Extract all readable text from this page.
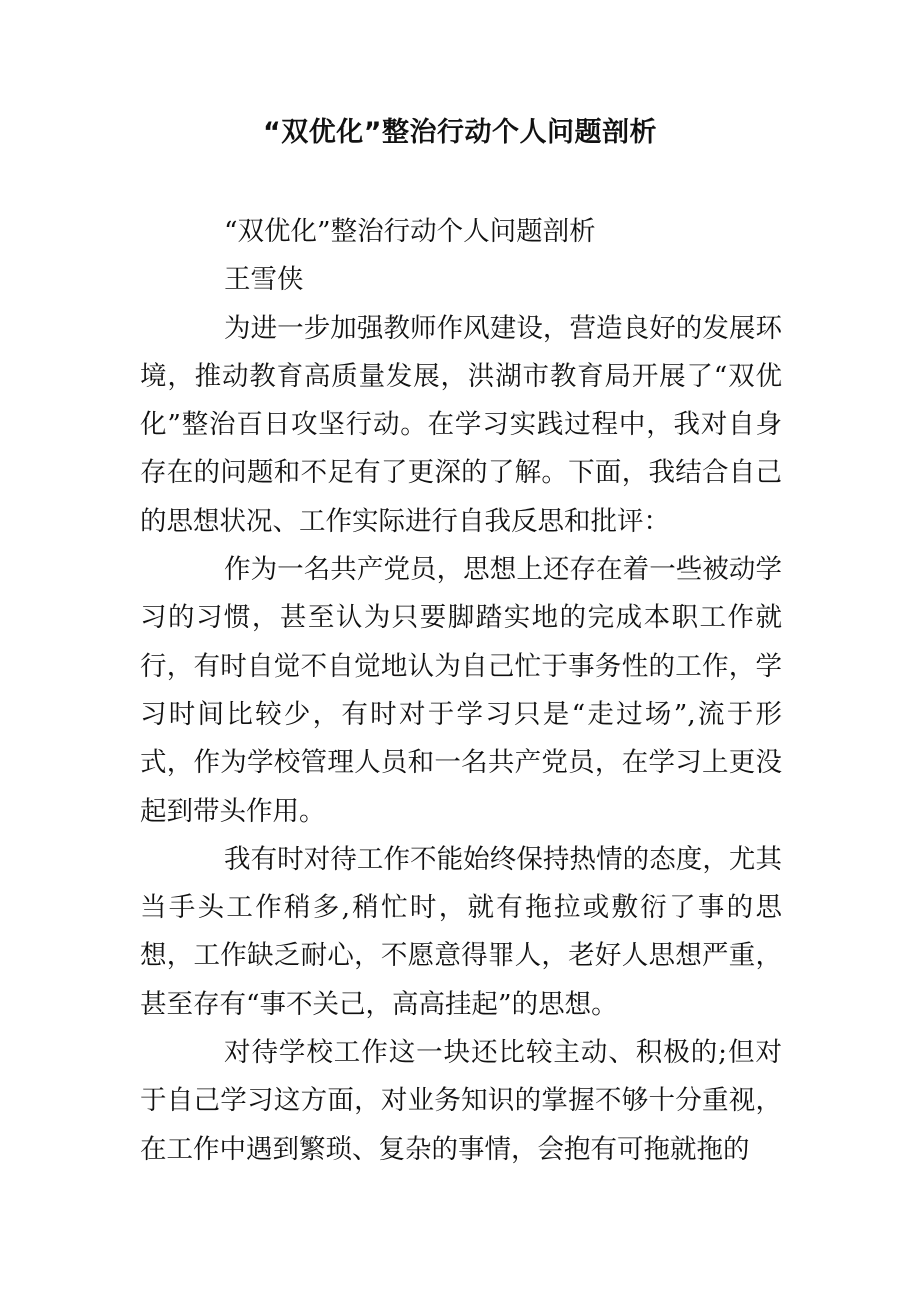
“双优化”整治行动个人问题剖析

“双优化”整治行动个人问题剖析

王雪侠

为进一步加强教师作风建设，营造良好的发展环境，推动教育高质量发展，洪湖市教育局开展了“双优化”整治百日攻坚行动。在学习实践过程中，我对自身存在的问题和不足有了更深的了解。下面，我结合自己的思想状况、工作实际进行自我反思和批评：

作为一名共产党员，思想上还存在着一些被动学习的习惯，甚至认为只要脚踏实地的完成本职工作就行，有时自觉不自觉地认为自己忙于事务性的工作，学习时间比较少，有时对于学习只是“走过场”,流于形式，作为学校管理人员和一名共产党员，在学习上更没起到带头作用。

我有时对待工作不能始终保持热情的态度，尤其当手头工作稍多,稍忙时，就有拖拉或敷衍了事的思想，工作缺乏耐心，不愿意得罪人，老好人思想严重，甚至存有“事不关己，高高挂起”的思想。

对待学校工作这一块还比较主动、积极的;但对于自己学习这方面，对业务知识的掌握不够十分重视，在工作中遇到繁琐、复杂的事情，会抱有可拖就拖的
